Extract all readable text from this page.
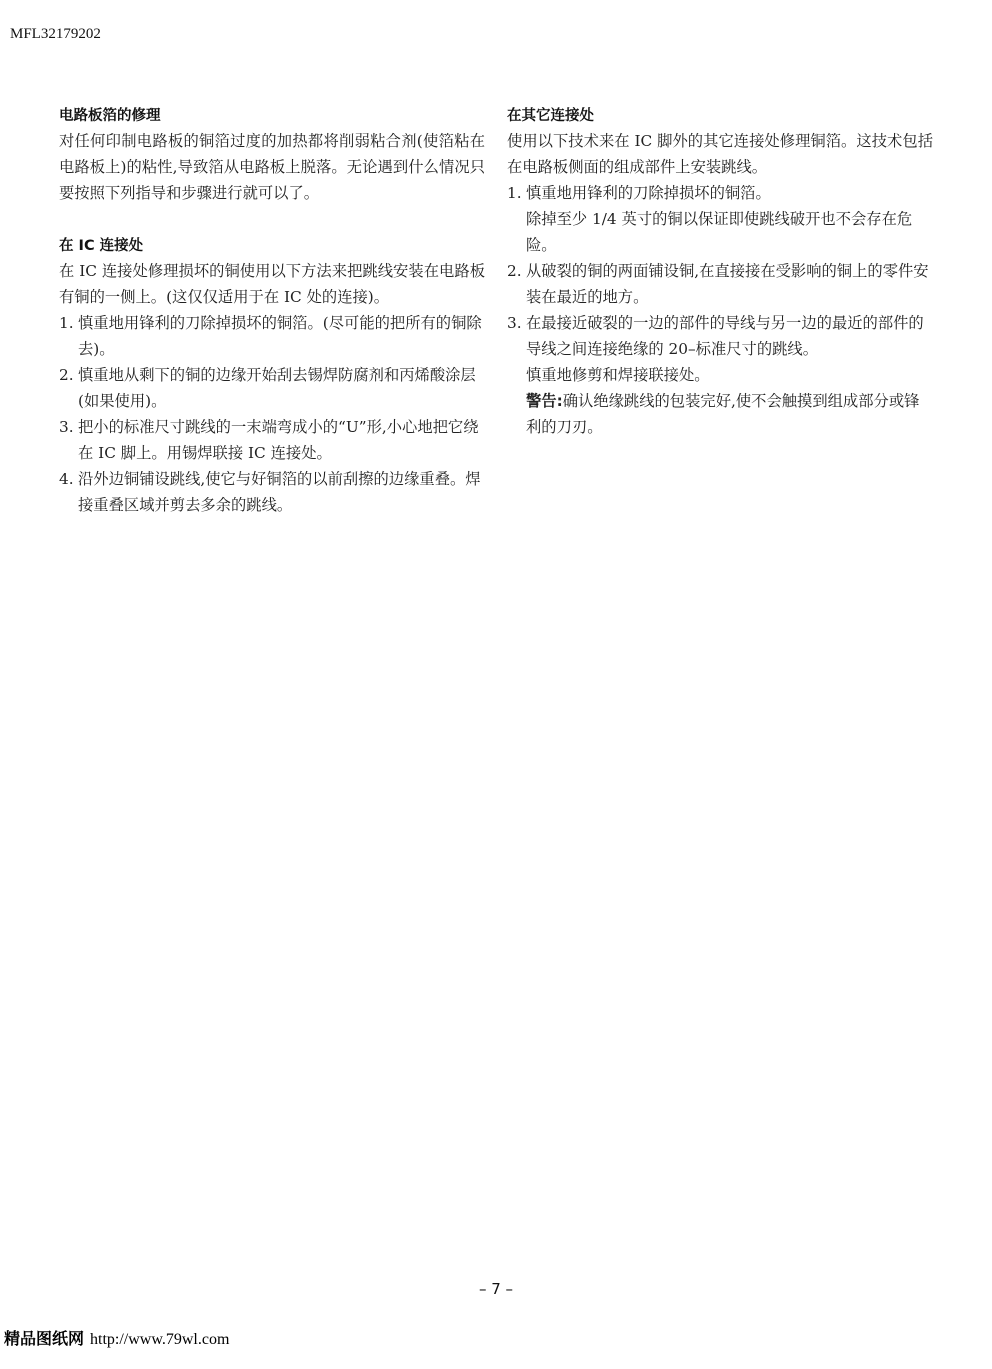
MFL32179202
电路板箔的修理

对任何印制电路板的铜箔过度的加热都将削弱粘合剂(使箔粘在电路板上)的粘性,导致箔从电路板上脱落。无论遇到什么情况只要按照下列指导和步骤进行就可以了。

在 IC 连接处

在 IC 连接处修理损坏的铜使用以下方法来把跳线安装在电路板有铜的一侧上。(这仅仅适用于在 IC 处的连接)。

1. 慎重地用锋利的刀除掉损坏的铜箔。(尽可能的把所有的铜除去)。
2. 慎重地从剩下的铜的边缘开始刮去锡焊防腐剂和丙烯酸涂层(如果使用)。
3. 把小的标准尺寸跳线的一末端弯成小的“U”形,小心地把它绕在 IC 脚上。用锡焊联接 IC 连接处。
4. 沿外边铜铺设跳线,使它与好铜箔的以前刮擦的边缘重叠。焊接重叠区域并剪去多余的跳线。
在其它连接处

使用以下技术来在 IC 脚外的其它连接处修理铜箔。这技术包括在电路板侧面的组成部件上安装跳线。

1. 慎重地用锋利的刀除掉损坏的铜箔。
除掉至少 1/4 英寸的铜以保证即使跳线破开也不会存在危险。
2. 从破裂的铜的两面铺设铜,在直接接在受影响的铜上的零件安装在最近的地方。
3. 在最接近破裂的一边的部件的导线与另一边的最近的部件的导线之间连接绝缘的 20–标准尺寸的跳线。
慎重地修剪和焊接联接处。
警告:确认绝缘跳线的包装完好,使不会触摸到组成部分或锋利的刀刃。
– 7 –
精品图纸网 http://www.79wl.com
